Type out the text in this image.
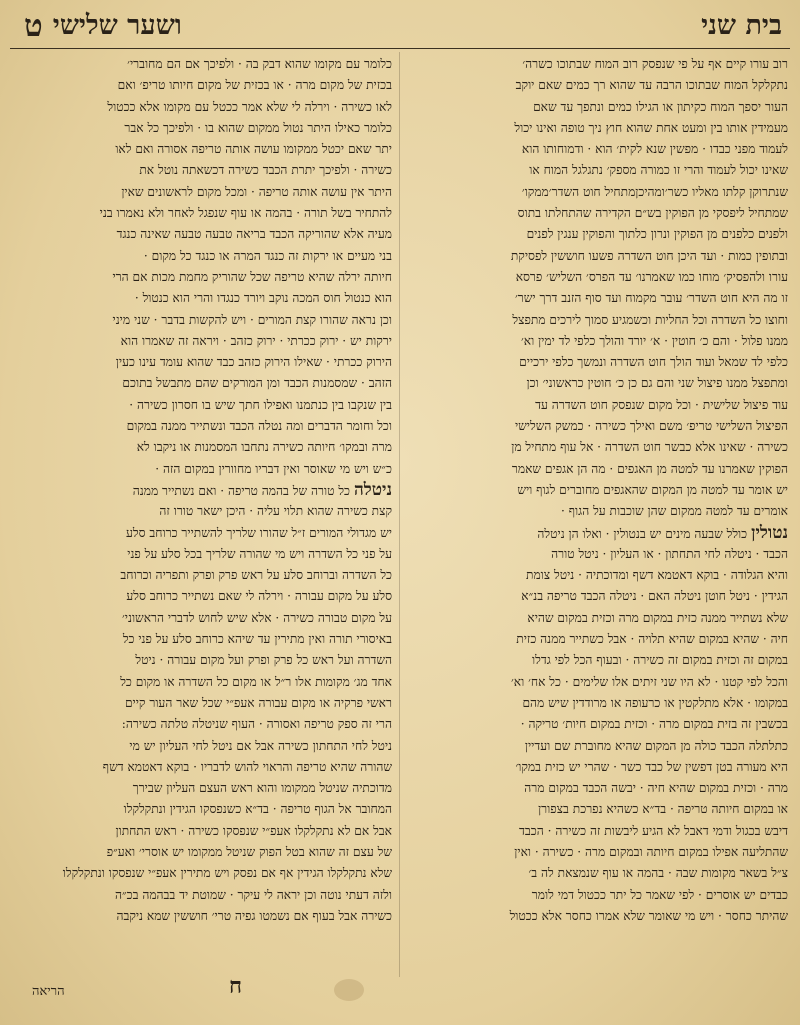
בית שני
ושער שלישי
ט
רוב עורו קיים אף על פי שנפסק רוב המוח שבתוכו כשרה׳
נתקלקל המוח שבתוכו הרבה עד שהוא רך כמים שאם יוקב
העור יספך המוח כקיתון או הגילו כמים ונתפך עד שאם
מעמידין אותו בין ומעט אחת שהוא חוץ ניך טופה ואינו יכול
לעמוד מפני כבדו · מפשין שנא לקית׳ הוא · ודמוחותו הוא
שאינו יכול לעמוד והרי זו כמורה מספק׳ נתגלגל המוח או
שנתרוקן קלתו מאליו כשר׳ומהיכןמתחיל חוט השדר׳ממקו׳
שמתחיל ליפסקי מן הפוקין בש״ם הקדירה שהתחלתו בתוס
ולפנים כלפנים מן הפוקין ונרון כלתוך והפוקין ענגין לפנים
ובתופין כמות · ועד היכן חוט השדרה פשעו חוששין לפסיקת
עורו ולהפסיק׳ מוחו כמו שאמרנו׳ עד הפרס׳ השליש׳ פרסא
זו מה היא חוט השדר׳ עובר מקמוח ועד סוף הזנב דרך ישר׳
וחוצו כל השדרה וכל החליות וכשמגיע סמוך לירכים מתפצל
ממנו פלול · והם כ׳ חוטין · א׳ יורד והולך כלפי לד ימין וא׳
כלפי לד שמאל ועוד הולך חוט השדרה ונמשך כלפי ירכיים
ומתפצל ממנו פיצול שני והם גם כן כ׳ חוטין כראשוני׳ וכן
עוד פיצול שלישית · וכל מקום שנפסק חוט השדרה עד
הפיצול השלישי טריפ׳ משם ואילך כשירה · כמשק השלישי
כשירה · שאינו אלא כבשר חוט השדרה · אל עוף מתחיל מן
הפוקין שאמרנו עד למטה מן האגפים · מה הן אגפים שאמר
יש אומר עד למטה מן המקום שהאגפים מחוברים לגוף ויש
אומרים עד למטה ממקום שהן שוכבות על הגוף ·
נטוליןכולל שבעה מינים יש בנטולין · ואלו הן ניטלה
הכבד · ניטלה לחי התחתון · או העליון · ניטל טורה
והיא הגלודה · בוקא דאטמא דשף ומדוכתיה · ניטל צומת
הגידין · ניטל חוטן ניטלה האם · ניטלה הכבד טריפה בנ״א
שלא נשתייר ממנה כזית במקום מרה וכזית במקום שהיא
חיה · שהיא במקום שהיא תלויה · אבל כשתייר ממנה כזית
במקום זה וכזית במקום זה כשירה · ובעוף הכל לפי גדלו
והכל לפי קטנו · לא היו שני זיתים אלו שלימים · כל אח׳ וא׳
במקומו · אלא מתלקטין או כרעופה או מרודדין שיש מהם
בכשבין זה בזית במקום מרה · וכזית במקום חיות׳ טריקה ·
כתלתלה הכבד כולה מן המקום שהיא מחוברת שם ועדיין
היא מעורה בטן דפשין של כבד כשר · שהרי יש כזית במקו׳
מרה · וכזית במקום שהיא חיה · יבשה הכבד במקום מרה
או במקום חיותה טריפה · בד״א כשהיא נפרכת בצפורן
דיבש בכגול ודמי דאבל לא הגיע ליבשות זה כשירה · הכבד
שהתליעה אפילו במקום חיותה ובמקום מרה · כשירה · ואין
צ״ל בשאר מקומות שבה · בהמה או עוף שנמצאת לה ב׳
כבדים יש אוסרים · לפי שאמר כל יתר ככטול דמי לומר
שהיתר כחסר · ויש מי שאומר שלא אמרו כחסר אלא ככטול
כלומר עם מקומו שהוא דבק בה · ולפיכך אם הם מחוברי׳
בכזית של מקום מרה · או בכזית של מקום חיותו טריפ׳ ואם
לאו כשירה · וירלה לי שלא אמר ככטל עם מקומו אלא ככטול
כלומר כאילו היתר נטול ממקום שהוא בו · ולפיכך כל אבר
יתר שאם יכטל ממקומו עושה אותה טריפה אסורה ואם לאו
כשירה · ולפיכך יתרת הכבד כשירה דכשאתה נוטל את
היתר אין עושה אותה טריפה · ומכל מקום לראשונים שאין
להתחיר בשל תורה · בהמה או עוף שנפגל לאחר ולא נאמרו בני
מעיה אלא שהוריקה הכבד בריאה טבעה טבעה שאינה כנגד
בני מעיים או ירקות זה כנגד המרה או כנגד כל מקום ·
חיותה ירלה שהיא טריפה שכל שהוריק מחמת מכות אם הרי
הוא כנטול חוס המכה נוקב ויורד כנגדו והרי הוא כנטול ·
וכן נראה שהורו קצת המורים · ויש להקשות בדבר · שני מיני
ירקות יש · ירוק ככרתי · ירוק כזהב · ויראה זה שאמרו הוא
הירוק ככרתי · שאילו הירוק כזהב כבד שהוא עומד עינו כעין
הזהב · שמסמנות הכבד ומן המורקים שהם מתבשל בתוכם
בין שנקבו בין כנתמנו ואפילו חתך שיש בו חסרון כשירה ·
וכל וחומר הדברים ומה נטלה הכבד ונשתייר ממנה במקום
מרה ובמקו׳ חיותה כשירה נתחבו המסמנות או ניקבו לא
כ״ש ויש מי שאוסר ואין דבריו מחוורין במקום הזה ·
ניטלהכל טורה של בהמה טריפה · ואם נשתייר ממנה
קצת כשירה שהוא תלוי עליה · היכן ישאר טורו זה
יש מגדולי המורים ז״ל שהורו שלריך להשתייר כרוחב סלע
על פני כל השדרה ויש מי שהורה שלריך בכל סלע על פני
כל השדרה וברוחב סלע על ראש פרק ופרק ותפריה וכרוחב
סלע על מקום עבורה · וירלה לי שאם נשתייר כרוחב סלע
על מקום טבורה כשירה · אלא שיש לחוש לדברי הראשוני׳
באיסורי תורה ואין מתירין עד שיהא כרוחב סלע על פני כל
השדרה ועל ראש כל פרק ופרק ועל מקום עבורה · ניטל
אחד מג׳ מקומות אלו ר״ל או מקום כל השדרה או מקום כל
ראשי פרקיה או מקום עבורה אעפ״י שכל שאר העור קיים
הרי זה ספק טריפה ואסורה · העוף שניטלה טלתה כשירה:
ניטל לחי התחתון כשירה אבל אם ניטל לחי העליון יש מי
שהורה שהיא טריפה והראוי להוש לדבריו · בוקא דאטמא דשף
מדוכתיה שניטל ממקומו והוא ראש העצם העליון שבירך
המחובר אל הגוף טריפה · בד״א כשנפסקו הגידין ונתקלקלו
אבל אם לא נתקלקלו אעפ״י שנפסקו כשירה · ראש התחתון
של עצם זה שהוא בטל הפוק שניטל ממקומו יש אוסרי׳ ואע״פ
שלא נתקלקלו הגידין אף אם נפסק ויש מתירין אעפ״י שנפסקו ונתקלקלו
ולזה דעתי נוטה וכן יראה לי עיקר · שמוטת יד בבהמה בכ״ה
כשירה אבל בעוף אם נשמטו גפיה טרי׳ חוששין שמא ניקבה
ח
הריאה
